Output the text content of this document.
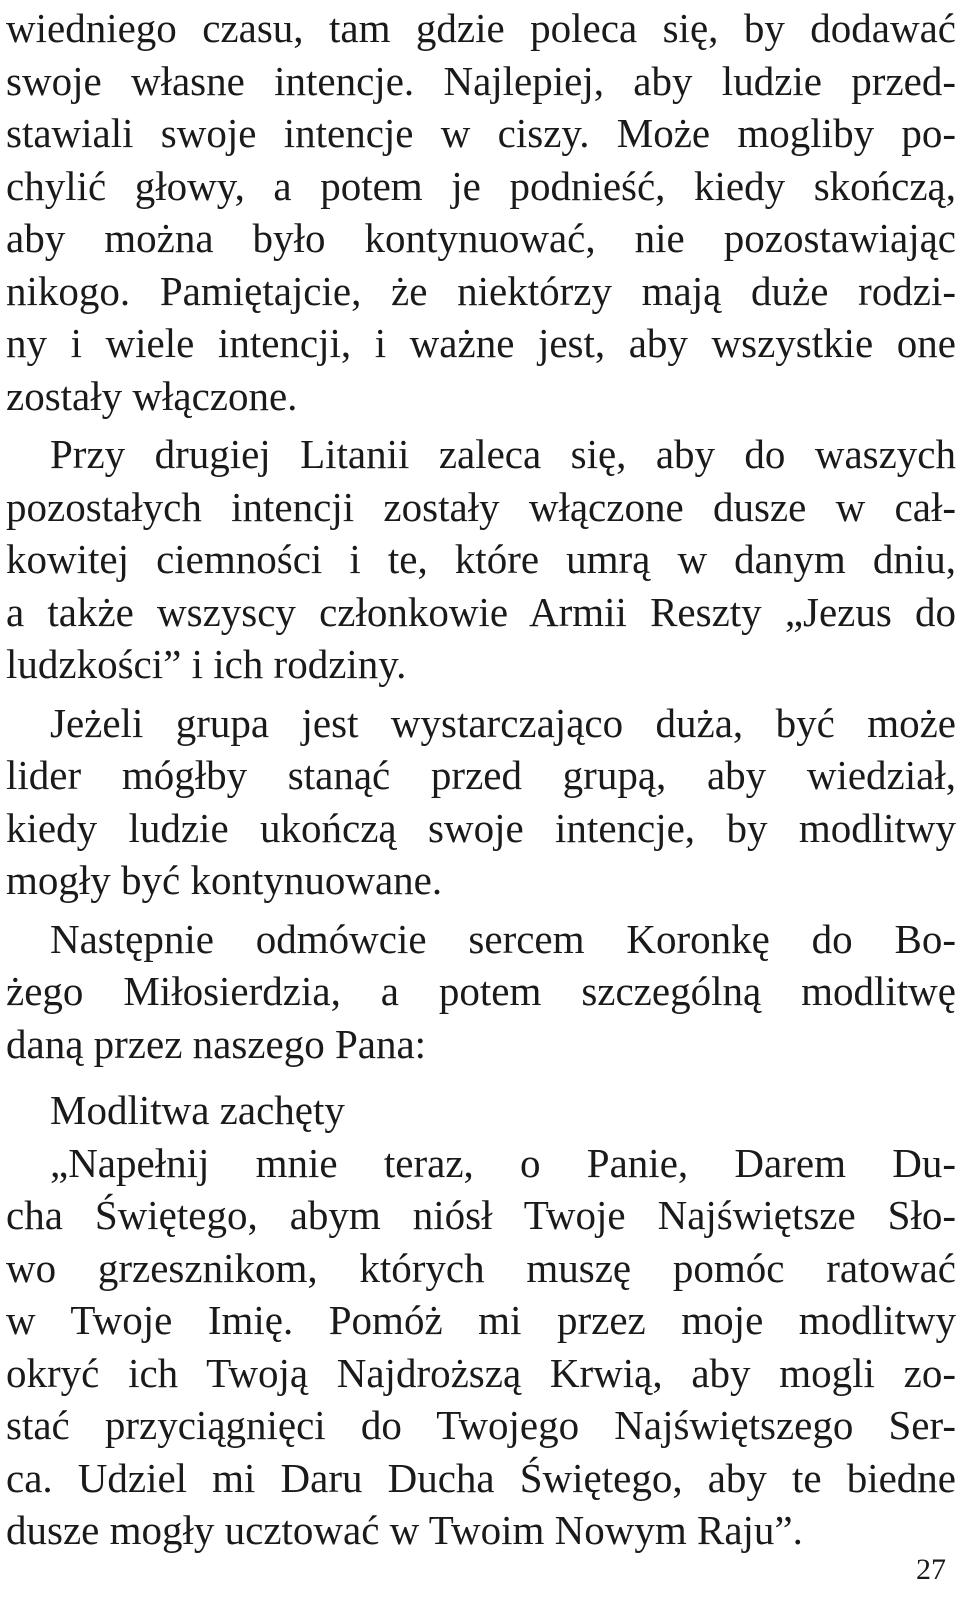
wiedniego czasu, tam gdzie poleca się, by dodawać
swoje własne intencje. Najlepiej, aby ludzie przed-
stawiali swoje intencje w ciszy. Może mogliby po-
chylić głowy, a potem je podnieść, kiedy skończą,
aby można było kontynuować, nie pozostawiając
nikogo. Pamiętajcie, że niektórzy mają duże rodzi-
ny i wiele intencji, i ważne jest, aby wszystkie one
zostały włączone.
Przy drugiej Litanii zaleca się, aby do waszych
pozostałych intencji zostały włączone dusze w cał-
kowitej ciemności i te, które umrą w danym dniu,
a także wszyscy członkowie Armii Reszty „Jezus do
ludzkości” i ich rodziny.
Jeżeli grupa jest wystarczająco duża, być może
lider mógłby stanąć przed grupą, aby wiedział,
kiedy ludzie ukończą swoje intencje, by modlitwy
mogły być kontynuowane.
Następnie odmówcie sercem Koronkę do Bo-
żego Miłosierdzia, a potem szczególną modlitwę
daną przez naszego Pana:
Modlitwa zachęty
„Napełnij mnie teraz, o Panie, Darem Du-
cha Świętego, abym niósł Twoje Najświętsze Sło-
wo grzesznikom, których muszę pomóc ratować
w Twoje Imię. Pomóż mi przez moje modlitwy
okryć ich Twoją Najdroższą Krwią, aby mogli zo-
stać przyciągnięci do Twojego Najświętszego Ser-
ca. Udziel mi Daru Ducha Świętego, aby te biedne
dusze mogły ucztować w Twoim Nowym Raju”.
27
